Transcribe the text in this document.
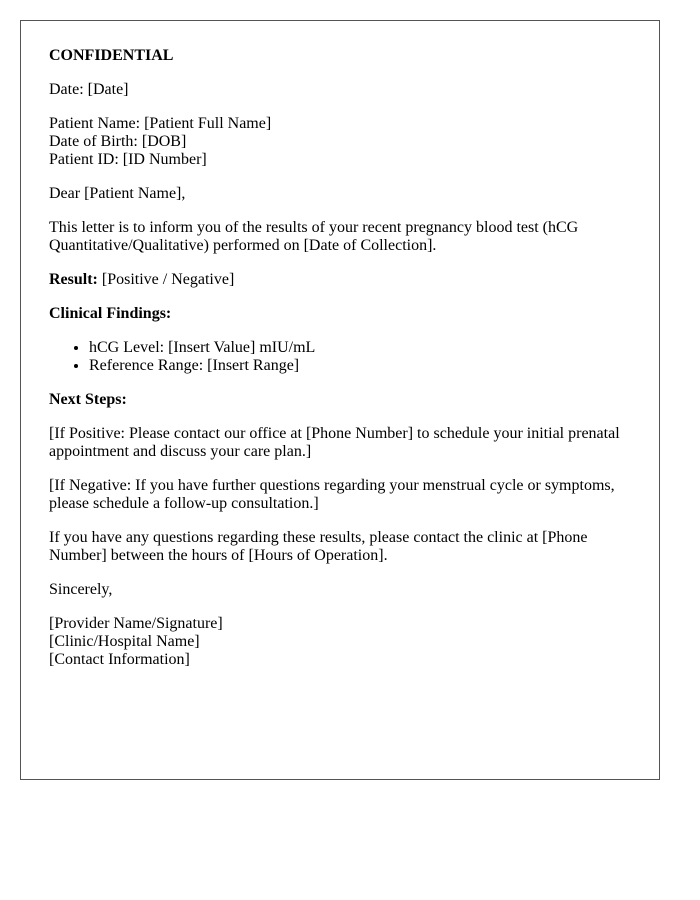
CONFIDENTIAL

Date: [Date]

Patient Name: [Patient Full Name]
Date of Birth: [DOB]
Patient ID: [ID Number]

Dear [Patient Name],

This letter is to inform you of the results of your recent pregnancy blood test (hCG Quantitative/Qualitative) performed on [Date of Collection].

Result: [Positive / Negative]

Clinical Findings:

• hCG Level: [Insert Value] mIU/mL
• Reference Range: [Insert Range]

Next Steps:

[If Positive: Please contact our office at [Phone Number] to schedule your initial prenatal appointment and discuss your care plan.]

[If Negative: If you have further questions regarding your menstrual cycle or symptoms, please schedule a follow-up consultation.]

If you have any questions regarding these results, please contact the clinic at [Phone Number] between the hours of [Hours of Operation].

Sincerely,

[Provider Name/Signature]
[Clinic/Hospital Name]
[Contact Information]
